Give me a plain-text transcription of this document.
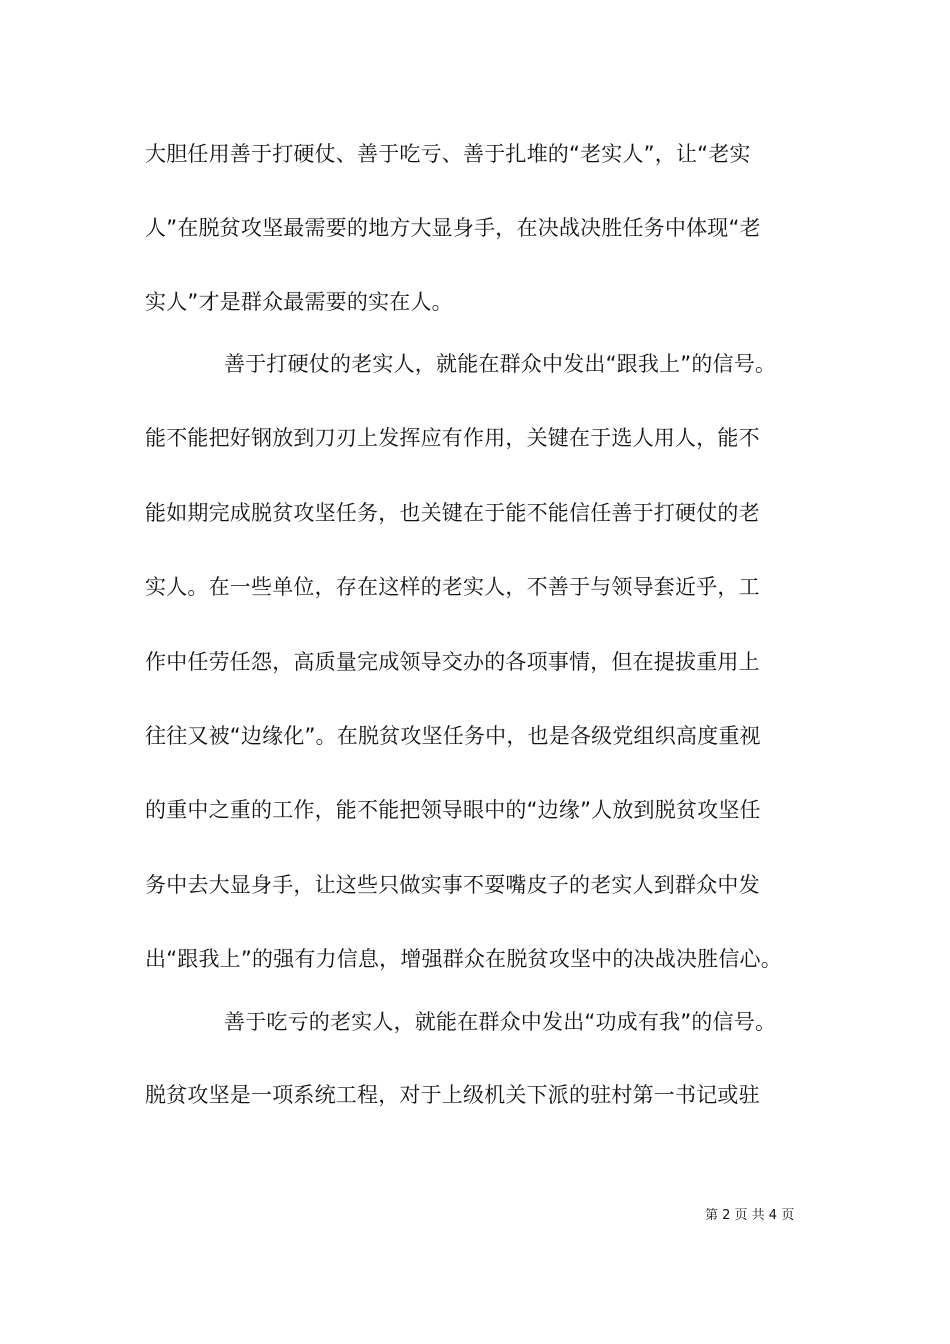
大胆任用善于打硬仗、善于吃亏、善于扎堆的“老实人”，让“老实
人”在脱贫攻坚最需要的地方大显身手，在决战决胜任务中体现“老
实人”才是群众最需要的实在人。
善于打硬仗的老实人，就能在群众中发出“跟我上”的信号。
能不能把好钢放到刀刃上发挥应有作用，关键在于选人用人，能不
能如期完成脱贫攻坚任务，也关键在于能不能信任善于打硬仗的老
实人。在一些单位，存在这样的老实人，不善于与领导套近乎，工
作中任劳任怨，高质量完成领导交办的各项事情，但在提拔重用上
往往又被“边缘化”。在脱贫攻坚任务中，也是各级党组织高度重视
的重中之重的工作，能不能把领导眼中的“边缘”人放到脱贫攻坚任
务中去大显身手，让这些只做实事不耍嘴皮子的老实人到群众中发
出“跟我上”的强有力信息，增强群众在脱贫攻坚中的决战决胜信心。
善于吃亏的老实人，就能在群众中发出“功成有我”的信号。
脱贫攻坚是一项系统工程，对于上级机关下派的驻村第一书记或驻
第 2 页 共 4 页
